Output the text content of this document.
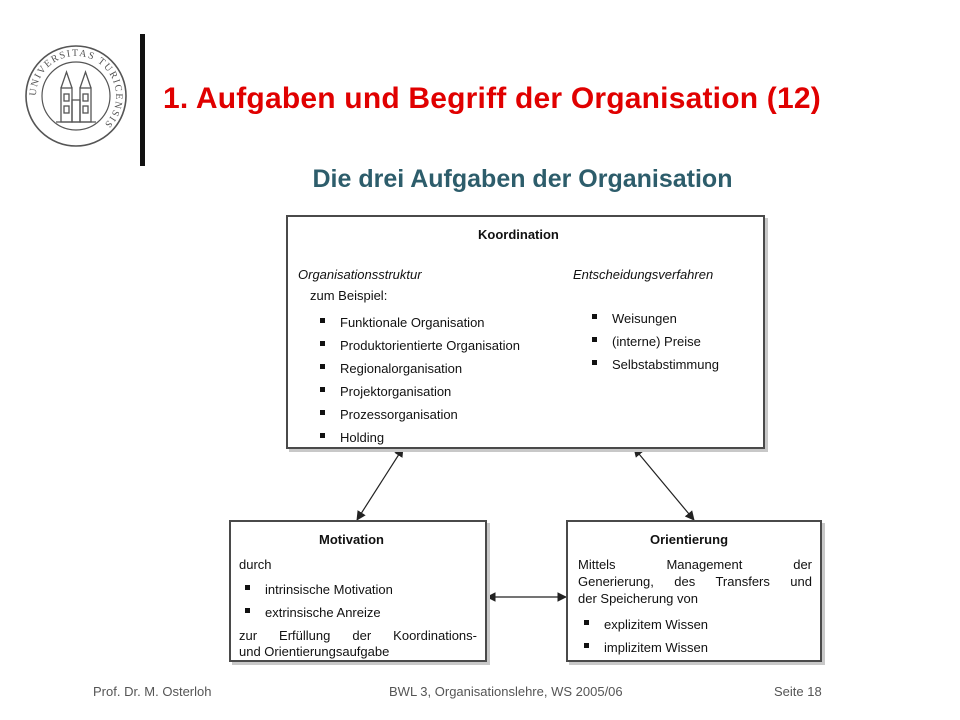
UNIVERSITAS TURICENSIS
1. Aufgaben und Begriff der Organisation (12)
Die drei Aufgaben der Organisation
Koordination
Organisationsstruktur
zum Beispiel:
Funktionale Organisation
Produktorientierte Organisation
Regionalorganisation
Projektorganisation
Prozessorganisation
Holding
Entscheidungsverfahren
Weisungen
(interne) Preise
Selbstabstimmung
Motivation
durch
intrinsische Motivation
extrinsische Anreize
zur Erfüllung der Koordinations-
und Orientierungsaufgabe
Orientierung
Mittels Management der
Generierung, des Transfers und
der Speicherung von
explizitem Wissen
implizitem Wissen
Prof. Dr. M. Osterloh	BWL 3, Organisationslehre, WS 2005/06	Seite 18
